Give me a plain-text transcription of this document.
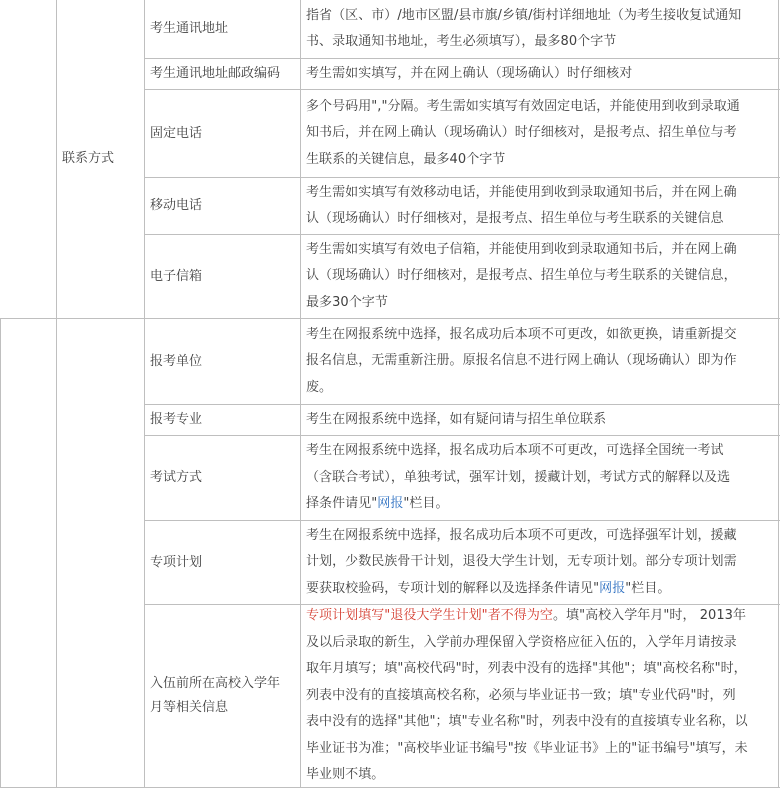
联系方式
考生通讯地址
指省（区、市）/地市区盟/县市旗/乡镇/街村详细地址（为考生接收复试通知
书、录取通知书地址，考生必须填写），最多80个字节
考生通讯地址邮政编码 考生需如实填写，并在网上确认（现场确认）时仔细核对
固定电话
多个号码用","分隔。考生需如实填写有效固定电话，并能使用到收到录取通
知书后，并在网上确认（现场确认）时仔细核对，是报考点、招生单位与考
生联系的关键信息，最多40个字节
移动电话
考生需如实填写有效移动电话，并能使用到收到录取通知书后，并在网上确
认（现场确认）时仔细核对，是报考点、招生单位与考生联系的关键信息
电子信箱
考生需如实填写有效电子信箱，并能使用到收到录取通知书后，并在网上确
认（现场确认）时仔细核对，是报考点、招生单位与考生联系的关键信息，
最多30个字节
报考单位
考生在网报系统中选择，报名成功后本项不可更改，如欲更换，请重新提交
报名信息，无需重新注册。原报名信息不进行网上确认（现场确认）即为作
废。
报考专业	考生在网报系统中选择，如有疑问请与招生单位联系
考试方式
考生在网报系统中选择，报名成功后本项不可更改，可选择全国统一考试
（含联合考试），单独考试，强军计划，援藏计划，考试方式的解释以及选
择条件请见"网报"栏目。
专项计划
考生在网报系统中选择，报名成功后本项不可更改，可选择强军计划，援藏
计划，少数民族骨干计划，退役大学生计划，无专项计划。部分专项计划需
要获取校验码，专项计划的解释以及选择条件请见"网报"栏目。
入伍前所在高校入学年
月等相关信息
专项计划填写"退役大学生计划"者不得为空。填"高校入学年月"时， 2013年
及以后录取的新生，入学前办理保留入学资格应征入伍的，入学年月请按录
取年月填写；填"高校代码"时，列表中没有的选择"其他"；填"高校名称"时，
列表中没有的直接填高校名称，必须与毕业证书一致；填"专业代码"时，列
表中没有的选择"其他"；填"专业名称"时，列表中没有的直接填专业名称，以
毕业证书为准；"高校毕业证书编号"按《毕业证书》上的"证书编号"填写，未
毕业则不填。
